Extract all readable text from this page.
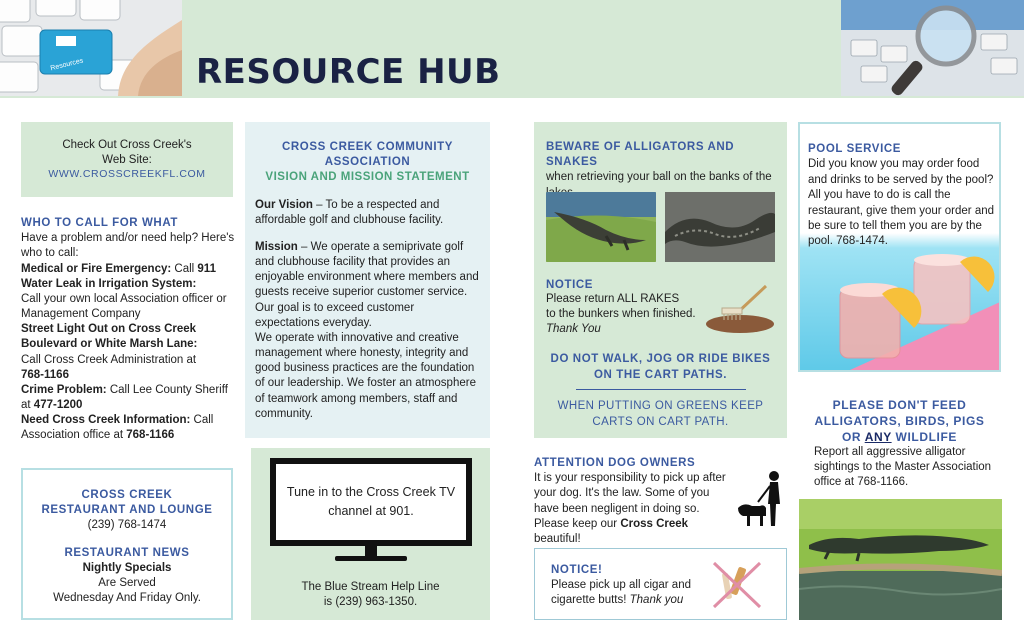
Resources	RESOURCE HUB
Check Out Cross Creek's
Web Site:
WWW.CROSSCREEKFL.COM
WHO TO CALL FOR WHAT
Have a problem and/or need help? Here's who to call:
Medical or Fire Emergency: Call 911
Water Leak in Irrigation System:
Call your own local Association officer or Management Company
Street Light Out on Cross Creek Boulevard or White Marsh Lane:
Call Cross Creek Administration at
768-1166
Crime Problem: Call Lee County Sheriff at 477-1200
Need Cross Creek Information: Call Association office at 768-1166
CROSS CREEK
RESTAURANT AND LOUNGE
(239) 768-1474
RESTAURANT NEWS
Nightly Specials
Are Served
Wednesday And Friday Only.
CROSS CREEK COMMUNITY
ASSOCIATION
VISION AND MISSION STATEMENT

Our Vision – To be a respected and affordable golf and clubhouse facility.

Mission – We operate a semiprivate golf and clubhouse facility that provides an enjoyable environment where members and guests receive superior customer service. Our goal is to exceed customer expectations everyday.

We operate with innovative and creative management where honesty, integrity and good business practices are the foundation of our leadership. We foster an atmosphere of teamwork among members, staff and community.

Tune in to the Cross Creek TV channel at 901.
The Blue Stream Help Line
is (239) 963-1350.
BEWARE OF ALLIGATORS AND SNAKES
when retrieving your ball on the banks of the
NOTICE
Please return ALL RAKES
to the bunkers when finished.
Thank You
DO NOT WALK, JOG OR RIDE BIKES ON THE CART PATHS.
WHEN PUTTING ON GREENS KEEP CARTS ON CART PATH.
ATTENTION DOG OWNERS

It is your responsibility to pick up after your dog. It's the law. Some of you have been negligent in doing so. Please keep our Cross Creek beautiful!

NOTICE!
Please pick up all cigar and cigarette butts! Thank you
POOL SERVICE
Did you know you may order food and drinks to be served by the pool? All you have to do is call the restaurant, give them your order and be sure to tell them you are by the pool. 768-1474.
PLEASE DON'T FEED
ALLIGATORS, BIRDS, PIGS
OR ANY WILDLIFE
Report all aggressive alligator sightings to the Master Association office at 768-1166.
